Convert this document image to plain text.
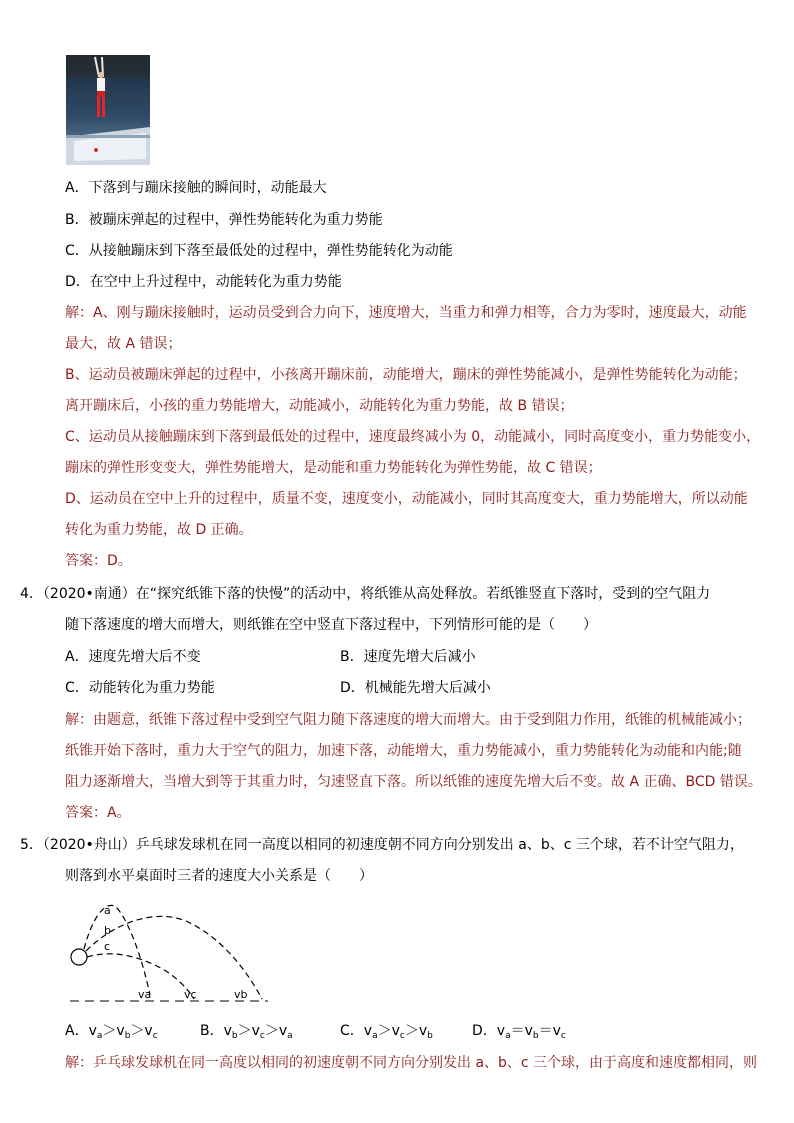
A．下落到与蹦床接触的瞬间时，动能最大
B．被蹦床弹起的过程中，弹性势能转化为重力势能
C．从接触蹦床到下落至最低处的过程中，弹性势能转化为动能
D．在空中上升过程中，动能转化为重力势能
解：A、刚与蹦床接触时，运动员受到合力向下，速度增大，当重力和弹力相等，合力为零时，速度最大，动能
最大，故 A 错误；
B、运动员被蹦床弹起的过程中，小孩离开蹦床前，动能增大，蹦床的弹性势能减小，是弹性势能转化为动能；
离开蹦床后，小孩的重力势能增大，动能减小，动能转化为重力势能，故 B 错误；
C、运动员从接触蹦床到下落到最低处的过程中，速度最终减小为 0，动能减小，同时高度变小，重力势能变小，
蹦床的弹性形变变大，弹性势能增大，是动能和重力势能转化为弹性势能，故 C 错误；
D、运动员在空中上升的过程中，质量不变，速度变小，动能减小，同时其高度变大，重力势能增大，所以动能
转化为重力势能，故 D 正确。
答案：D。
4．（2020•南通）在“探究纸锥下落的快慢”的活动中，将纸锥从高处释放。若纸锥竖直下落时，受到的空气阻力
随下落速度的增大而增大，则纸锥在空中竖直下落过程中，下列情形可能的是（　　）
A．速度先增大后不变	B．速度先增大后减小
C．动能转化为重力势能	D．机械能先增大后减小
解：由题意，纸锥下落过程中受到空气阻力随下落速度的增大而增大。由于受到阻力作用，纸锥的机械能减小；
纸锥开始下落时，重力大于空气的阻力，加速下落，动能增大，重力势能减小，重力势能转化为动能和内能;随
阻力逐渐增大，当增大到等于其重力时，匀速竖直下落。所以纸锥的速度先增大后不变。故 A 正确、BCD 错误。
答案：A。
5．（2020•舟山）乒乓球发球机在同一高度以相同的初速度朝不同方向分别发出 a、b、c 三个球，若不计空气阻力，
则落到水平桌面时三者的速度大小关系是（　　）
a
b
c
va	vc	vb
A．$v_a>v_b>v_c$	B．$v_b>v_c>v_a$	C．$v_a>v_c>v_b$	D．$v_a=v_b=v_c$
解：乒乓球发球机在同一高度以相同的初速度朝不同方向分别发出 a、b、c 三个球，由于高度和速度都相同，则
